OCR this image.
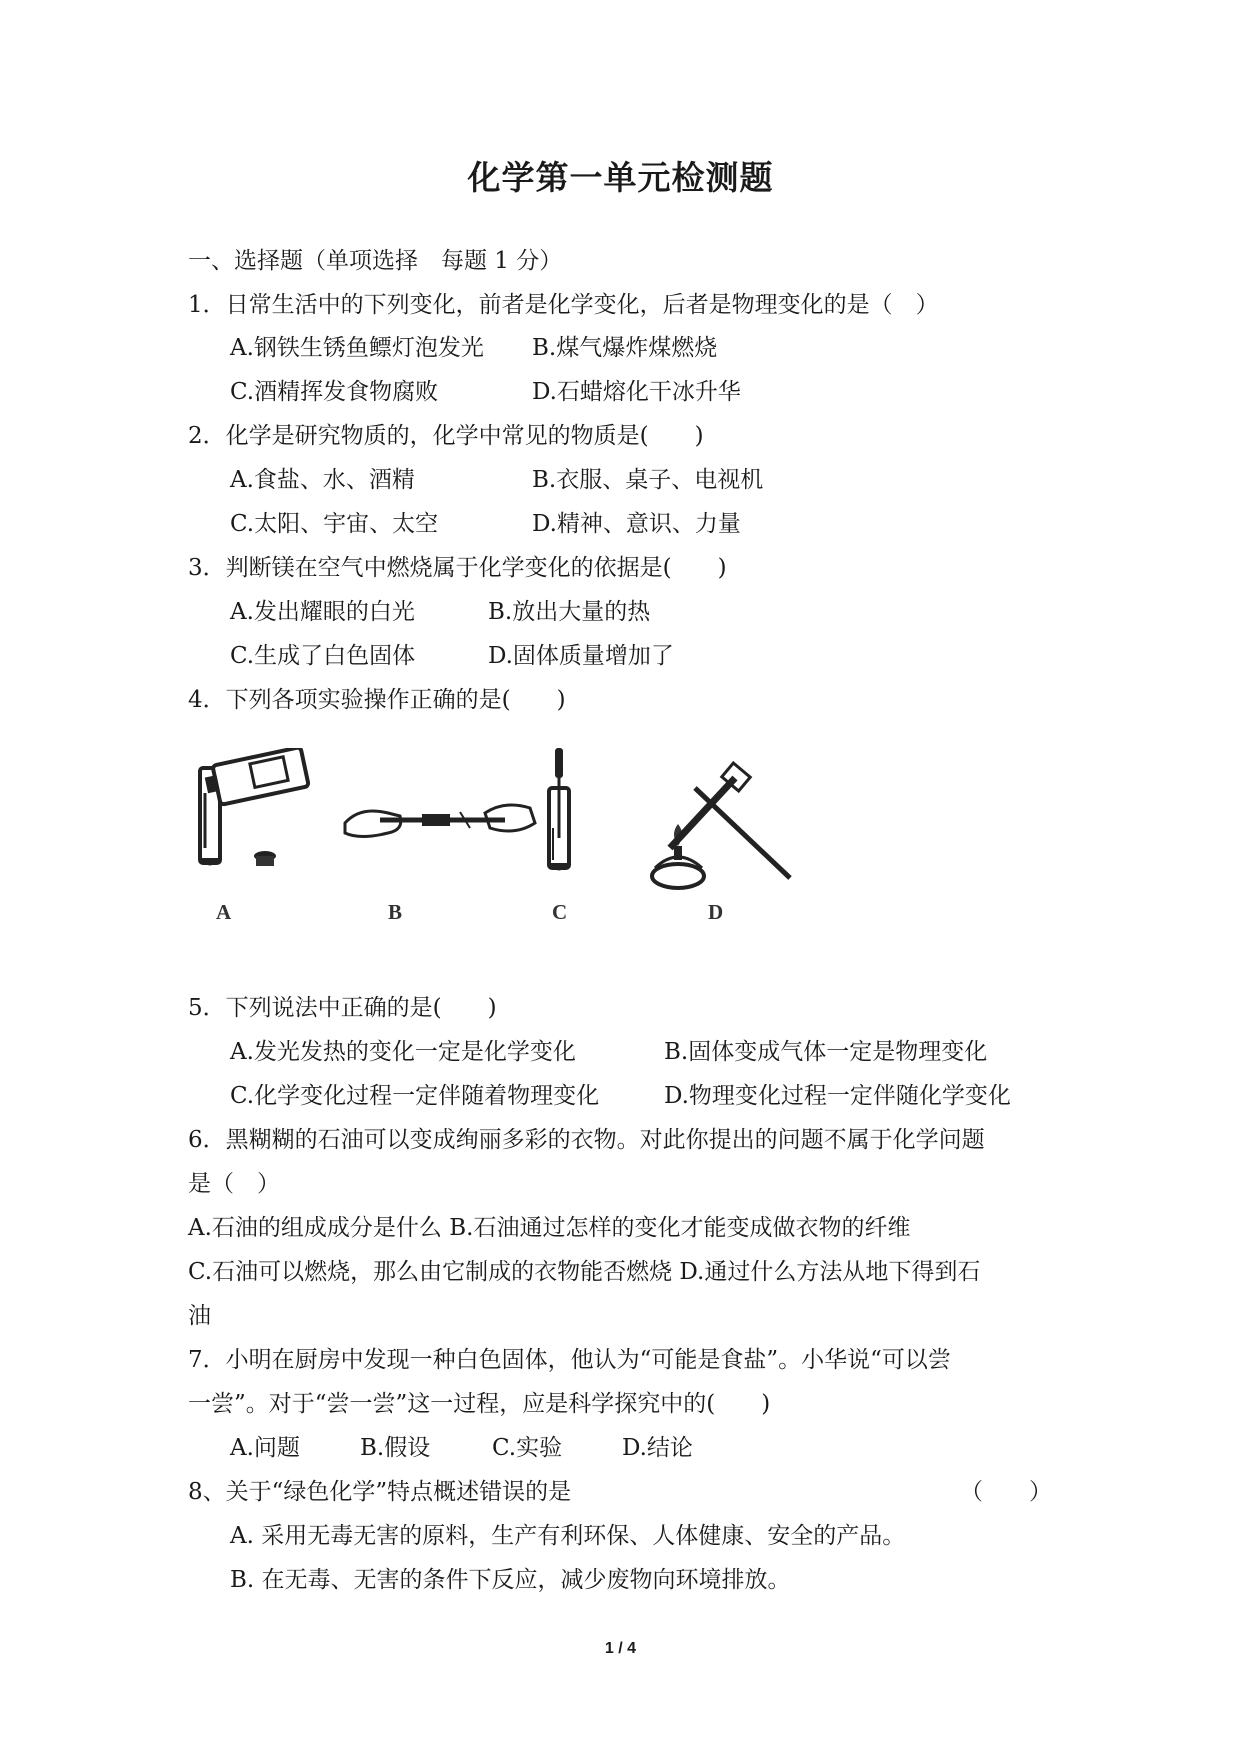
化学第一单元检测题
一、选择题（单项选择　每题 1 分）
1．日常生活中的下列变化，前者是化学变化，后者是物理变化的是（　）
A.钢铁生锈鱼鳔灯泡发光 B.煤气爆炸煤燃烧
C.酒精挥发食物腐败	D.石蜡熔化干冰升华
2．化学是研究物质的，化学中常见的物质是(　　)
A.食盐、水、酒精	B.衣服、桌子、电视机
C.太阳、宇宙、太空	D.精神、意识、力量
3．判断镁在空气中燃烧属于化学变化的依据是(　　)
A.发出耀眼的白光	B.放出大量的热
C.生成了白色固体	D.固体质量增加了
4．下列各项实验操作正确的是(　　)
A	B	C	D
5．下列说法中正确的是(　　)
A.发光发热的变化一定是化学变化	B.固体变成气体一定是物理变化
C.化学变化过程一定伴随着物理变化	D.物理变化过程一定伴随化学变化
6．黑糊糊的石油可以变成绚丽多彩的衣物。对此你提出的问题不属于化学问题
是（　）
A.石油的组成成分是什么 B.石油通过怎样的变化才能变成做衣物的纤维
C.石油可以燃烧，那么由它制成的衣物能否燃烧 D.通过什么方法从地下得到石
油
7．小明在厨房中发现一种白色固体，他认为“可能是食盐”。小华说“可以尝
一尝”。对于“尝一尝”这一过程，应是科学探究中的(　　)
A.问题	B.假设	C.实验	D.结论
8、关于“绿色化学”特点概述错误的是	（　　）
A. 采用无毒无害的原料，生产有利环保、人体健康、安全的产品。
B. 在无毒、无害的条件下反应，减少废物向环境排放。
1 / 4
